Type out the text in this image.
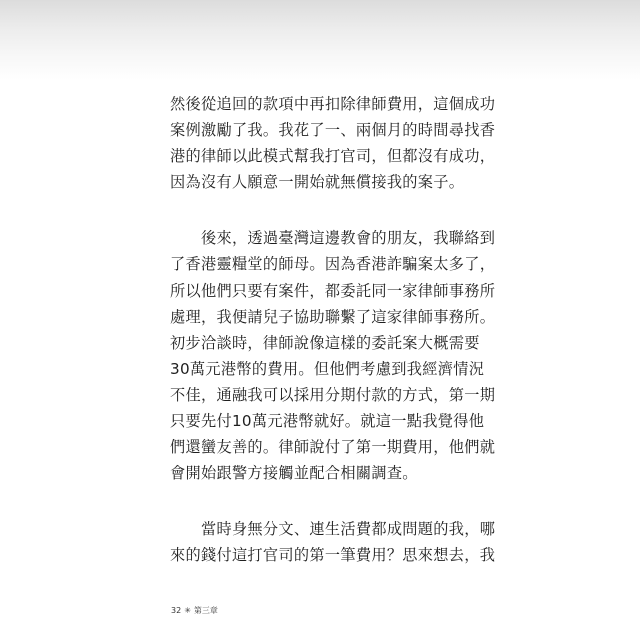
然後從追回的款項中再扣除律師費用，這個成功
案例激勵了我。我花了一、兩個月的時間尋找香
港的律師以此模式幫我打官司，但都沒有成功，
因為沒有人願意一開始就無償接我的案子。

　　後來，透過臺灣這邊教會的朋友，我聯絡到
了香港靈糧堂的師母。因為香港詐騙案太多了，
所以他們只要有案件，都委託同一家律師事務所
處理，我便請兒子協助聯繫了這家律師事務所。
初步洽談時，律師說像這樣的委託案大概需要
30萬元港幣的費用。但他們考慮到我經濟情況
不佳，通融我可以採用分期付款的方式，第一期
只要先付10萬元港幣就好。就這一點我覺得他
們還蠻友善的。律師說付了第一期費用，他們就
會開始跟警方接觸並配合相關調查。

　　當時身無分文、連生活費都成問題的我，哪
來的錢付這打官司的第一筆費用？思來想去，我

32 ✳ 第三章
